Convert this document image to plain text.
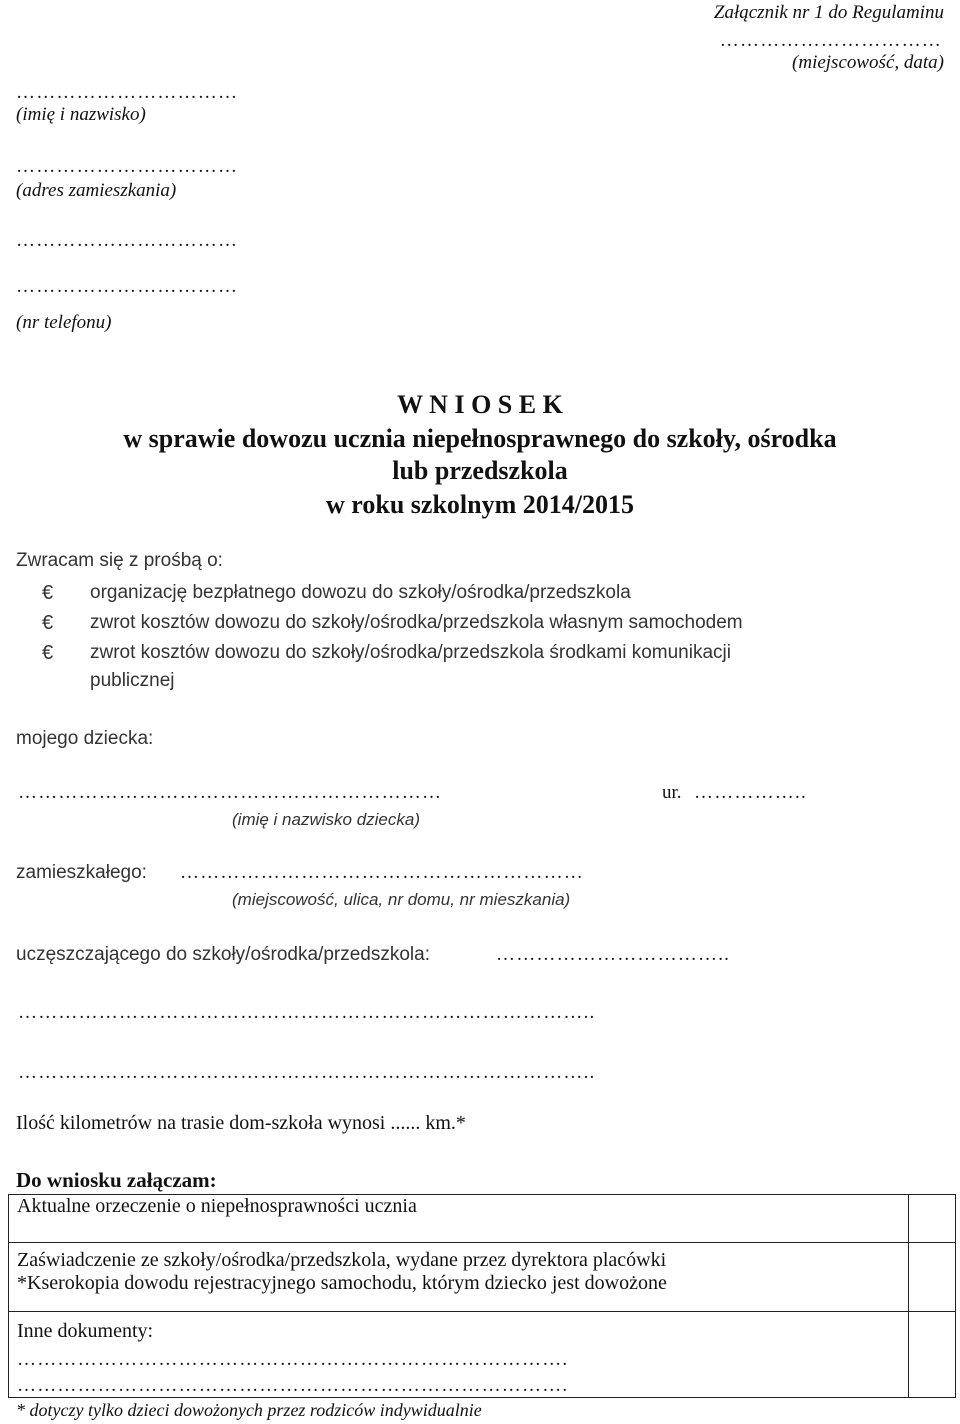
Załącznik nr 1 do Regulaminu
……………………………
(miejscowość, data)
……………………………
(imię i nazwisko)
……………………………
(adres zamieszkania)
……………………………
……………………………
(nr telefonu)
W N I O S E K
w sprawie dowozu ucznia niepełnosprawnego do szkoły, ośrodka
lub przedszkola
w roku szkolnym 2014/2015
Zwracam się z prośbą o:
€ organizację bezpłatnego dowozu do szkoły/ośrodka/przedszkola
€ zwrot kosztów dowozu do szkoły/ośrodka/przedszkola własnym samochodem
€ zwrot kosztów dowozu do szkoły/ośrodka/przedszkola środkami komunikacji
publicznej
mojego dziecka:
………………………………………………………	ur. ……………..
(imię i nazwisko dziecka)
zamieszkałego: ……………………………………………………
(miejscowość, ulica, nr domu, nr mieszkania)
uczęszczającego do szkoły/ośrodka/przedszkola:	……………………………..
…………………………………………………………………………..
…………………………………………………………………………..
Ilość kilometrów na trasie dom-szkoła wynosi ...... km.*
Do wniosku załączam:
Aktualne orzeczenie o niepełnosprawności ucznia	
Zaświadczenie ze szkoły/ośrodka/przedszkola, wydane przez dyrektora placówki	
*Kserokopia dowodu rejestracyjnego samochodu, którym dziecko jest dowożone	

Inne dokumenty:
……………………………………………………………………….
……………………………………………………………………….	

* dotyczy tylko dzieci dowożonych przez rodziców indywidualnie
